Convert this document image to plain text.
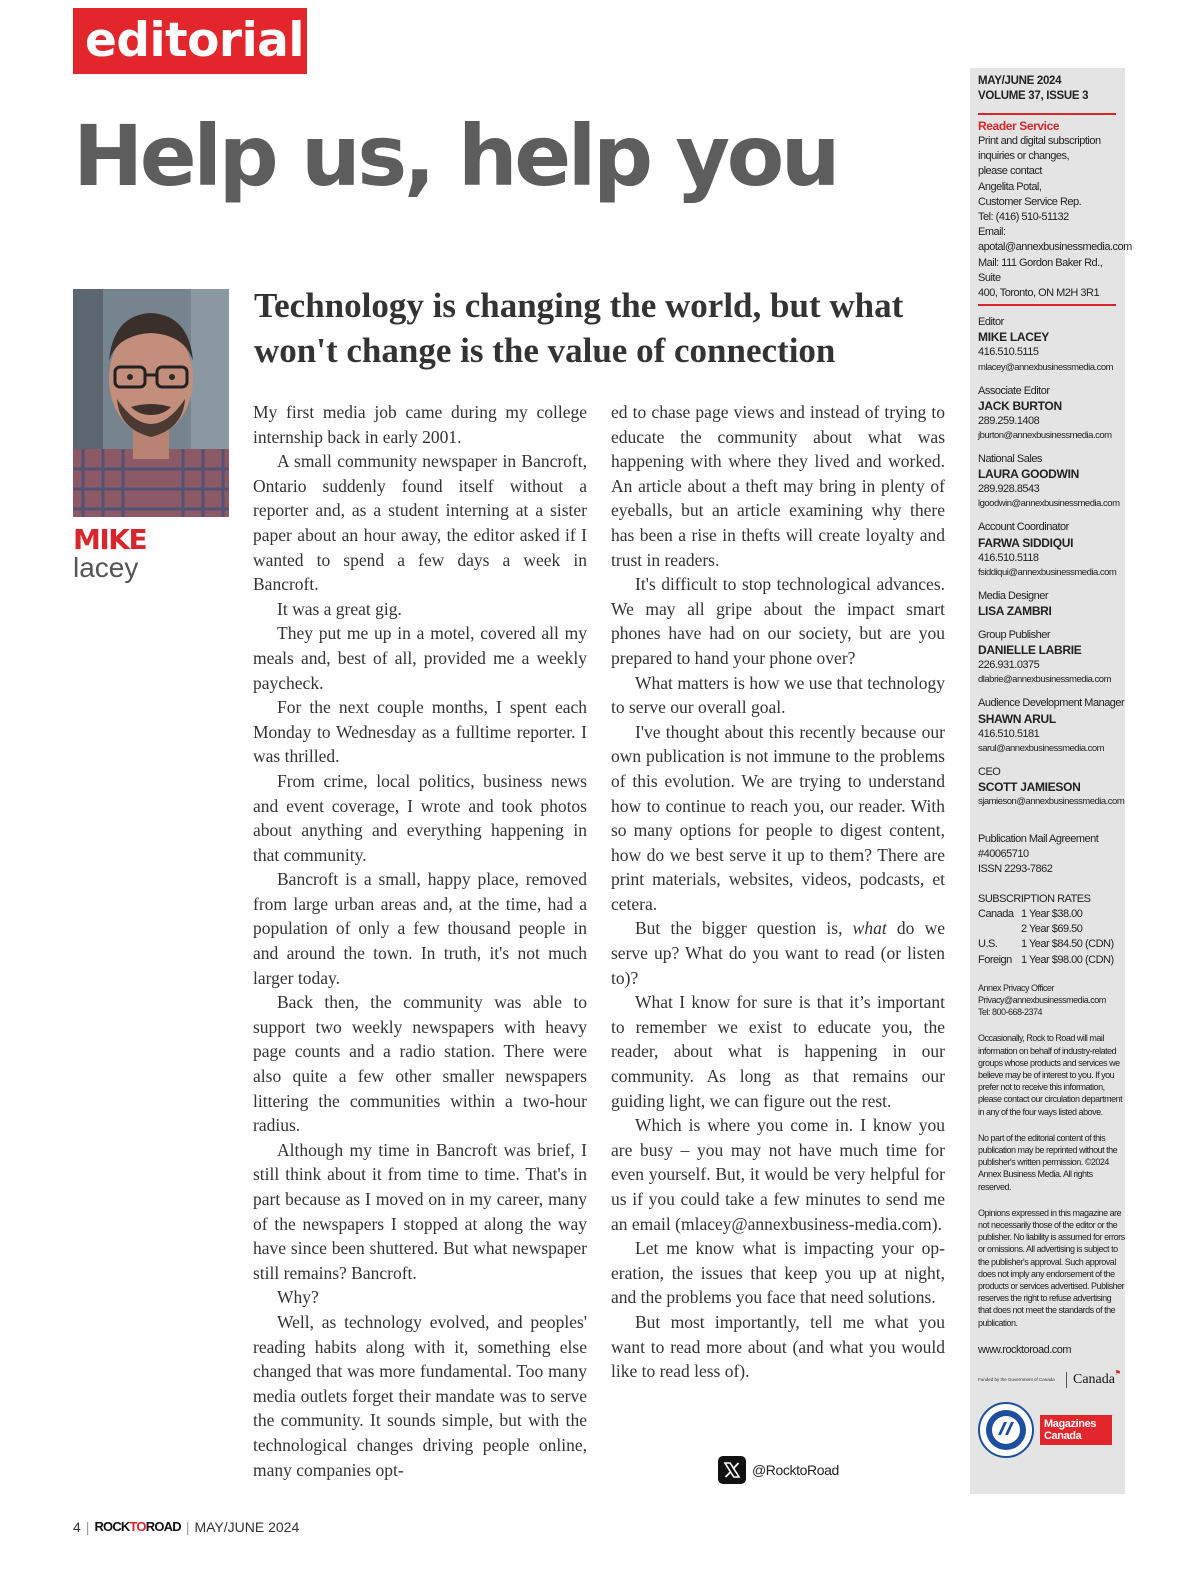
editorial
Help us, help you
MIKE
lacey
Technology is changing the world, but what won't change is the value of connection

My first media job came during my college internship back in early 2001.

A small community newspaper in Bancroft, Ontario suddenly found itself without a reporter and, as a student interning at a sister paper about an hour away, the editor asked if I wanted to spend a few days a week in Bancroft.

It was a great gig.

They put me up in a motel, covered all my meals and, best of all, provided me a weekly paycheck.

For the next couple months, I spent each Monday to Wednesday as a fulltime reporter. I was thrilled.

From crime, local politics, business news and event coverage, I wrote and took photos about anything and everything happening in that community.

Bancroft is a small, happy place, removed from large urban areas and, at the time, had a population of only a few thousand people in and around the town. In truth, it's not much larger today.

Back then, the community was able to support two weekly newspapers with heavy page counts and a radio station. There were also quite a few other smaller newspapers littering the communities within a two-hour radius.

Although my time in Bancroft was brief, I still think about it from time to time. That's in part because as I moved on in my career, many of the newspapers I stopped at along the way have since been shuttered. But what newspaper still remains? Bancroft.

Why?

Well, as technology evolved, and peoples' reading habits along with it, something else changed that was more fundamental. Too many media outlets forget their mandate was to serve the community. It sounds simple, but with the technological changes driving people online, many companies opt-

ed to chase page views and instead of trying to educate the community about what was happening with where they lived and worked. An article about a theft may bring in plenty of eyeballs, but an article examining why there has been a rise in thefts will create loyalty and trust in readers.

It's difficult to stop technological advances. We may all gripe about the impact smart phones have had on our society, but are you prepared to hand your phone over?

What matters is how we use that technology to serve our overall goal.

I've thought about this recently because our own publication is not immune to the problems of this evolution. We are trying to understand how to continue to reach you, our reader. With so many options for people to digest content, how do we best serve it up to them? There are print materials, websites, videos, podcasts, et cetera.

But the bigger question is, what do we serve up? What do you want to read (or listen to)?

What I know for sure is that it’s important to remember we exist to educate you, the reader, about what is happening in our community. As long as that remains our guiding light, we can figure out the rest.

Which is where you come in. I know you are busy – you may not have much time for even yourself. But, it would be very helpful for us if you could take a few minutes to send me an email (mlacey@annexbusiness-media.com).

Let me know what is impacting your operation, the issues that keep you up at night, and the problems you face that need solutions.

But most importantly, tell me what you want to read more about (and what you would like to read less of).

@RocktoRoad
MAY/JUNE 2024
VOLUME 37, ISSUE 3
Reader Service
Print and digital subscription
inquiries or changes,
please contact
Angelita Potal,
Customer Service Rep.
Tel: (416) 510-51132
Email:
apotal@annexbusinessmedia.com
Mail: 111 Gordon Baker Rd., Suite
400, Toronto, ON M2H 3R1
Editor
MIKE LACEY
416.510.5115
mlacey@annexbusinessmedia.com
Associate Editor
JACK BURTON
289.259.1408
jburton@annexbusinessmedia.com
National Sales
LAURA GOODWIN
289.928.8543
lgoodwin@annexbusinessmedia.com
Account Coordinator
FARWA SIDDIQUI
416.510.5118
fsiddiqui@annexbusinessmedia.com
Media Designer
LISA ZAMBRI
Group Publisher
DANIELLE LABRIE
226.931.0375
dlabrie@annexbusinessmedia.com
Audience Development Manager
SHAWN ARUL
416.510.5181
sarul@annexbusinessmedia.com
CEO
SCOTT JAMIESON
sjamieson@annexbusinessmedia.com
Publication Mail Agreement
#40065710
ISSN 2293-7862
SUBSCRIPTION RATES
Canada 1 Year $38.00
2 Year $69.50
U.S.	1 Year $84.50 (CDN)
Foreign 1 Year $98.00 (CDN)
Annex Privacy Officer
Privacy@annexbusinessmedia.com
Tel: 800-668-2374
Occasionally, Rock to Road will mail information on behalf of industry-related groups whose products and services we believe may be of interest to you. If you prefer not to receive this information, please contact our circulation department in any of the four ways listed above.
No part of the editorial content of this publication may be reprinted without the publisher's written permission. ©2024 Annex Business Media. All rights reserved.
Opinions expressed in this magazine are not necessarily those of the editor or the publisher. No liability is assumed for errors or omissions. All advertising is subject to the publisher's approval. Such approval does not imply any endorsement of the products or services advertised. Publisher reserves the right to refuse advertising that does not meet the standards of the publication.
www.rocktoroad.com
Funded by the Government of Canada	Canada ⚑
Magazines Canada
4 | ROCKTOROAD | MAY/JUNE 2024
